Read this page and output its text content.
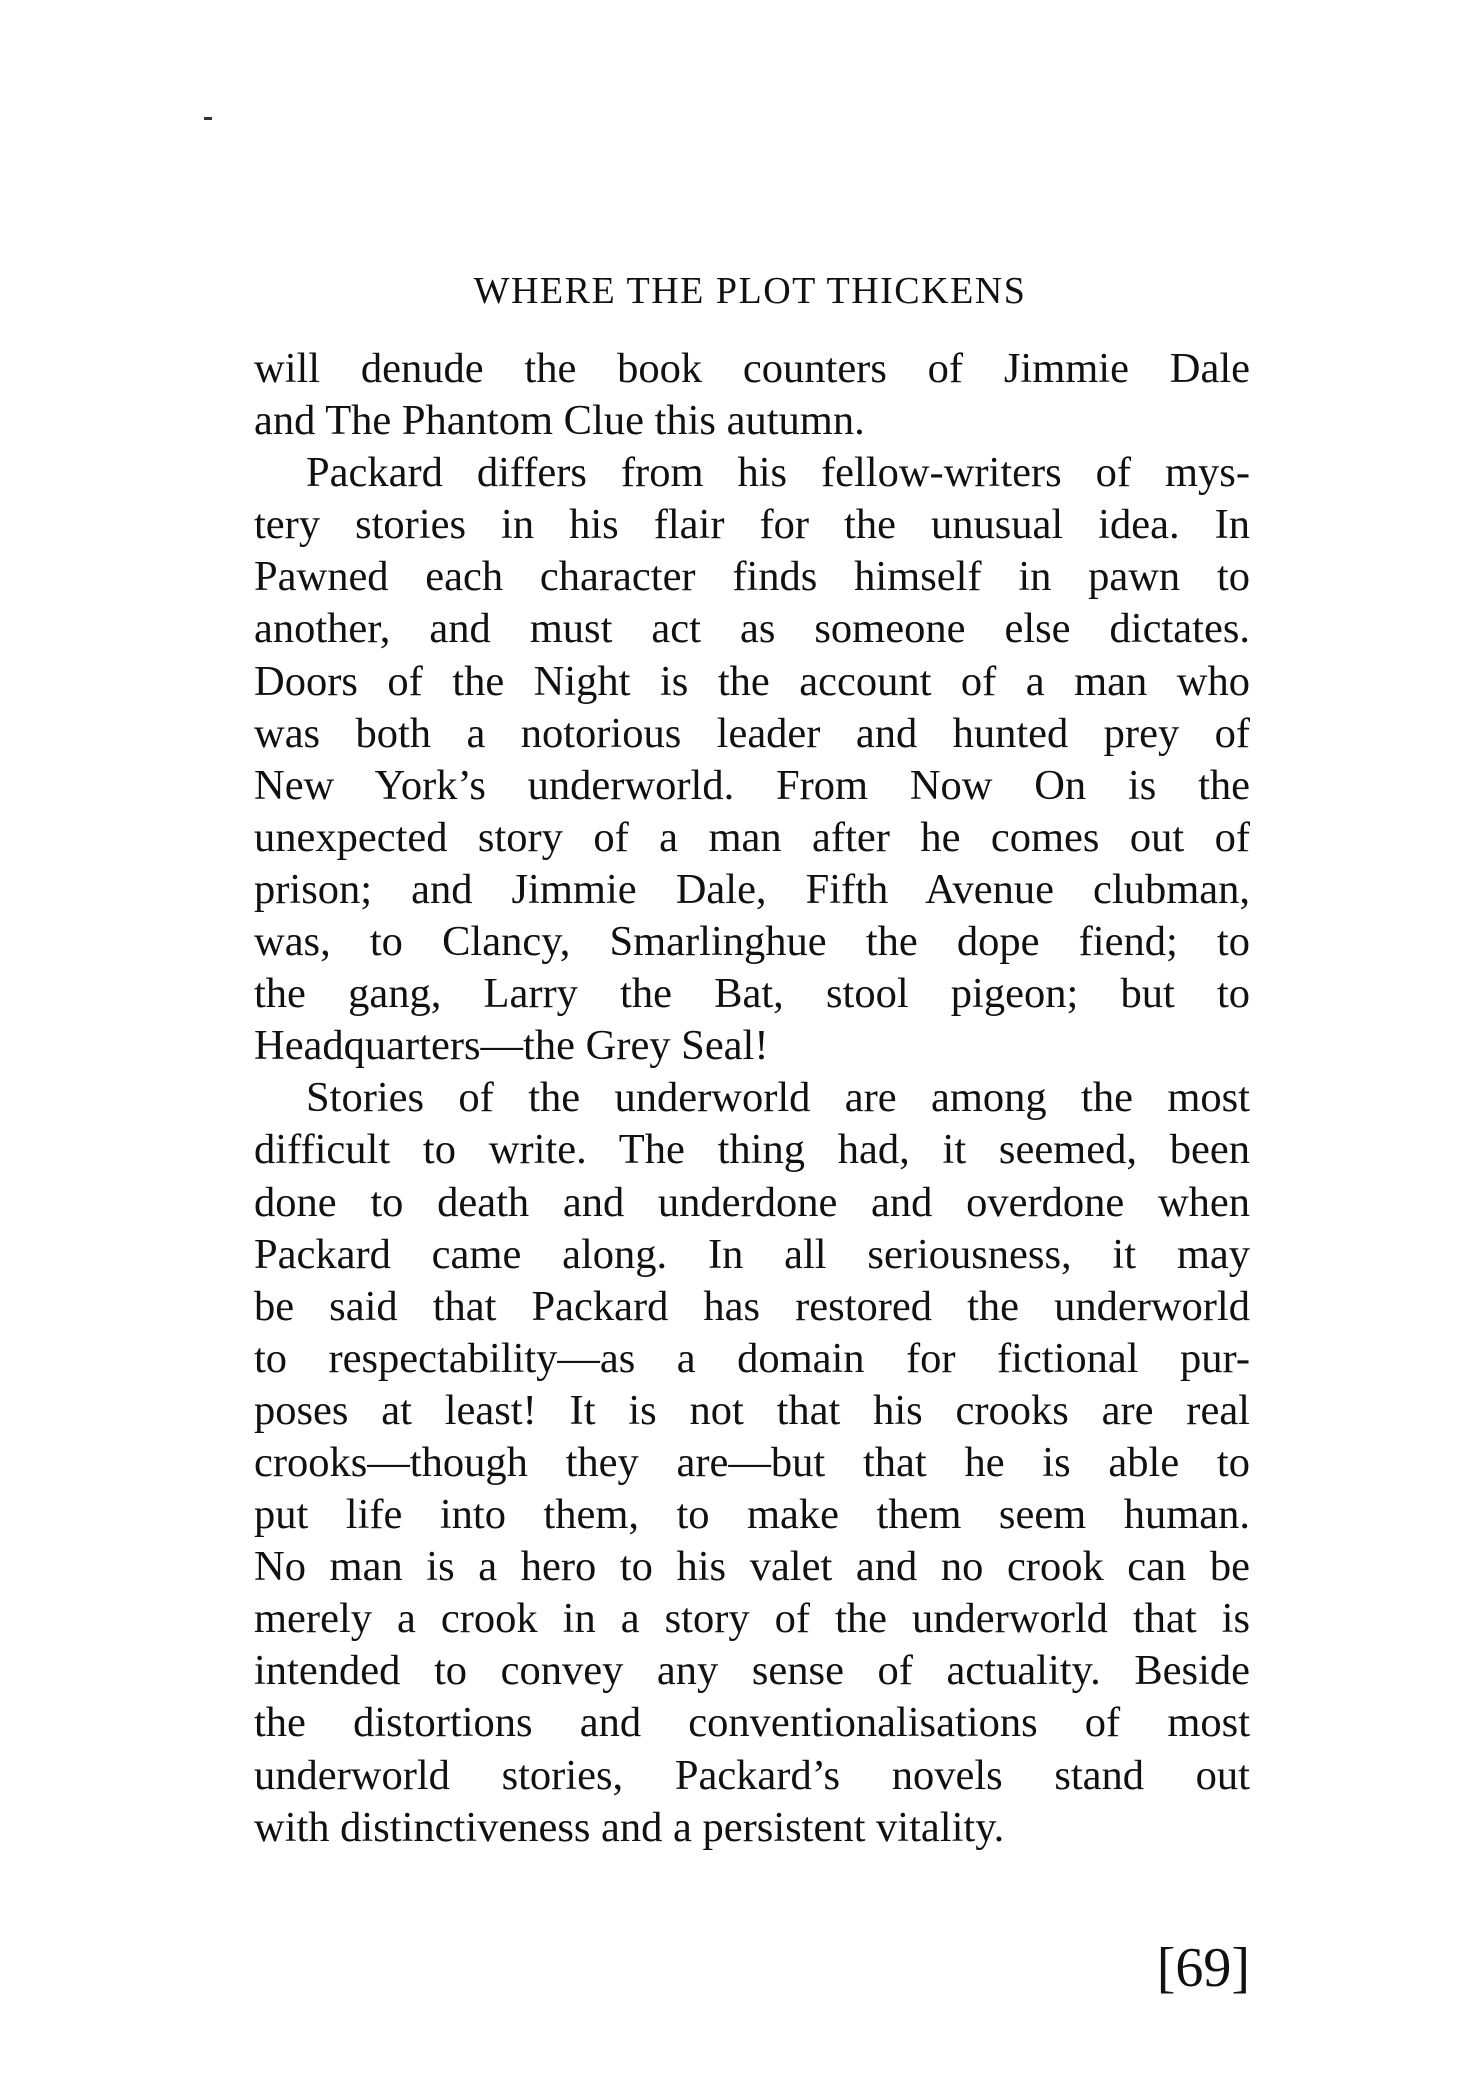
WHERE THE PLOT THICKENS
will denude the book counters of Jimmie Dale
and The Phantom Clue this autumn.
Packard differs from his fellow-writers of mys-
tery stories in his flair for the unusual idea. In
Pawned each character finds himself in pawn to
another, and must act as someone else dictates.
Doors of the Night is the account of a man who
was both a notorious leader and hunted prey of
New York’s underworld. From Now On is the
unexpected story of a man after he comes out of
prison; and Jimmie Dale, Fifth Avenue clubman,
was, to Clancy, Smarlinghue the dope fiend; to
the gang, Larry the Bat, stool pigeon; but to
Headquarters—the Grey Seal!
Stories of the underworld are among the most
difficult to write. The thing had, it seemed, been
done to death and underdone and overdone when
Packard came along. In all seriousness, it may
be said that Packard has restored the underworld
to respectability—as a domain for fictional pur-
poses at least! It is not that his crooks are real
crooks—though they are—but that he is able to
put life into them, to make them seem human.
No man is a hero to his valet and no crook can be
merely a crook in a story of the underworld that is
intended to convey any sense of actuality. Beside
the distortions and conventionalisations of most
underworld stories, Packard’s novels stand out
with distinctiveness and a persistent vitality.
[69]
